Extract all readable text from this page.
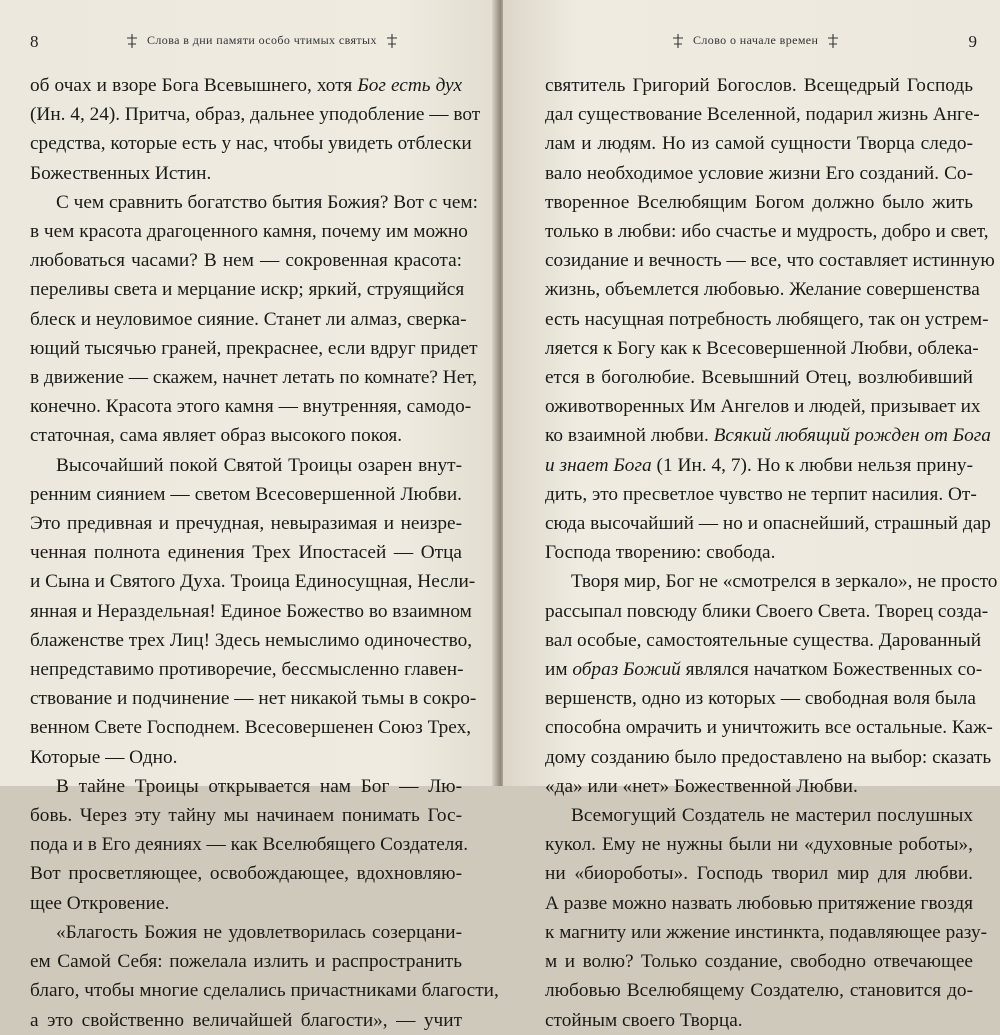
8	Слова в дни памяти особо чтимых святых

об очах и взоре Бога Всевышнего, хотя Бог есть дух
(Ин. 4, 24). Притча, образ, дальнее уподобление — вот
средства, которые есть у нас, чтобы увидеть отблески
Божественных Истин.

С чем сравнить богатство бытия Божия? Вот с чем:
в чем красота драгоценного камня, почему им можно
любоваться часами? В нем — сокровенная красота:
переливы света и мерцание искр; яркий, струящийся
блеск и неуловимое сияние. Станет ли алмаз, сверка-
ющий тысячью граней, прекраснее, если вдруг придет
в движение — скажем, начнет летать по комнате? Нет,
конечно. Красота этого камня — внутренняя, самодо-
статочная, сама являет образ высокого покоя.

Высочайший покой Святой Троицы озарен внут-
ренним сиянием — светом Всесовершенной Любви.
Это предивная и пречудная, невыразимая и неизре-
ченная полнота единения Трех Ипостасей — Отца
и Сына и Святого Духа. Троица Единосущная, Несли-
янная и Нераздельная! Единое Божество во взаимном
блаженстве трех Лиц! Здесь немыслимо одиночество,
непредставимо противоречие, бессмысленно главен-
ствование и подчинение — нет никакой тьмы в сокро-
венном Свете Господнем. Всесовершенен Союз Трех,
Которые — Одно.

В тайне Троицы открывается нам Бог — Лю-
бовь. Через эту тайну мы начинаем понимать Гос-
пода и в Его деяниях — как Вселюбящего Создателя.
Вот просветляющее, освобождающее, вдохновляю-
щее Откровение.

«Благость Божия не удовлетворилась созерцани-
ем Самой Себя: пожелала излить и распространить
благо, чтобы многие сделались причастниками благости,
а это свойственно величайшей благости», — учит

9
Слово о начале времен

святитель Григорий Богослов. Всещедрый Господь
дал существование Вселенной, подарил жизнь Анге-
лам и людям. Но из самой сущности Творца следо-
вало необходимое условие жизни Его созданий. Со-
творенное Вселюбящим Богом должно было жить
только в любви: ибо счастье и мудрость, добро и свет,
созидание и вечность — все, что составляет истинную
жизнь, объемлется любовью. Желание совершенства
есть насущная потребность любящего, так он устрем-
ляется к Богу как к Всесовершенной Любви, облека-
ется в боголюбие. Всевышний Отец, возлюбивший
оживотворенных Им Ангелов и людей, призывает их
ко взаимной любви. Всякий любящий рожден от Бога
и знает Бога (1 Ин. 4, 7). Но к любви нельзя прину-
дить, это пресветлое чувство не терпит насилия. От-
сюда высочайший — но и опаснейший, страшный дар
Господа творению: свобода.

Творя мир, Бог не «смотрелся в зеркало», не просто
рассыпал повсюду блики Своего Света. Творец созда-
вал особые, самостоятельные существа. Дарованный
им образ Божий являлся начатком Божественных со-
вершенств, одно из которых — свободная воля была
способна омрачить и уничтожить все остальные. Каж-
дому созданию было предоставлено на выбор: сказать
«да» или «нет» Божественной Любви.

Всемогущий Создатель не мастерил послушных
кукол. Ему не нужны были ни «духовные роботы»,
ни «биороботы». Господь творил мир для любви.
А разве можно назвать любовью притяжение гвоздя
к магниту или жжение инстинкта, подавляющее разу-
м и волю? Только создание, свободно отвечающее
любовью Вселюбящему Создателю, становится до-
стойным своего Творца.
